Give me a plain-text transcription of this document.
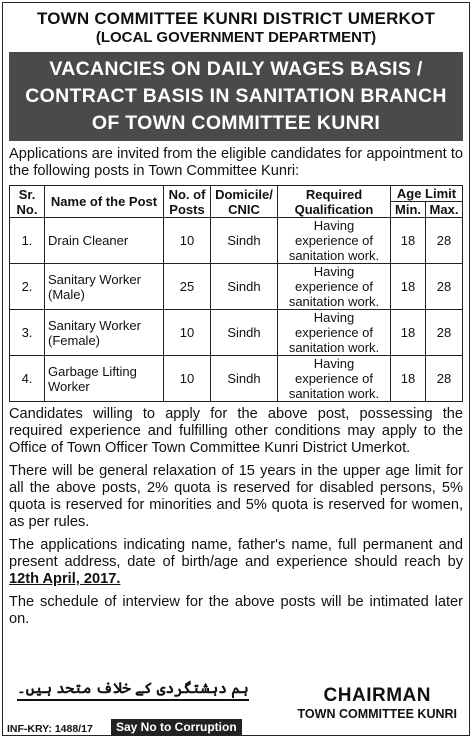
TOWN COMMITTEE KUNRI DISTRICT UMERKOT
(LOCAL GOVERNMENT DEPARTMENT)
VACANCIES ON DAILY WAGES BASIS /
CONTRACT BASIS IN SANITATION BRANCH
OF TOWN COMMITTEE KUNRI
Applications are invited from the eligible candidates for appointment to the following posts in Town Committee Kunri:
Sr. No.	Name of the Post	No. of Posts	Domicile/ CNIC	Required Qualification	Age Limit	
					Min.	Max.
1.	Drain Cleaner	10	Sindh	Having experience of sanitation work.	18	28
2.	Sanitary Worker (Male)	25	Sindh	Having experience of sanitation work.	18	28
3.	Sanitary Worker (Female)	10	Sindh	Having experience of sanitation work.	18	28
4.	Garbage Lifting Worker	10	Sindh	Having experience of sanitation work.	18	28
Candidates willing to apply for the above post, possessing the required experience and fulfilling other conditions may apply to the Office of Town Officer Town Committee Kunri District Umerkot.
There will be general relaxation of 15 years in the upper age limit for all the above posts, 2% quota is reserved for disabled persons, 5% quota is reserved for minorities and 5% quota is reserved for women, as per rules.
The applications indicating name, father's name, full permanent and present address, date of birth/age and experience should reach by 12th April, 2017.
The schedule of interview for the above posts will be intimated later on.
ہم دہشتگردی کے خلاف متحد ہیں۔	CHAIRMAN
TOWN COMMITTEE KUNRI
INF-KRY: 1488/17	Say No to Corruption
